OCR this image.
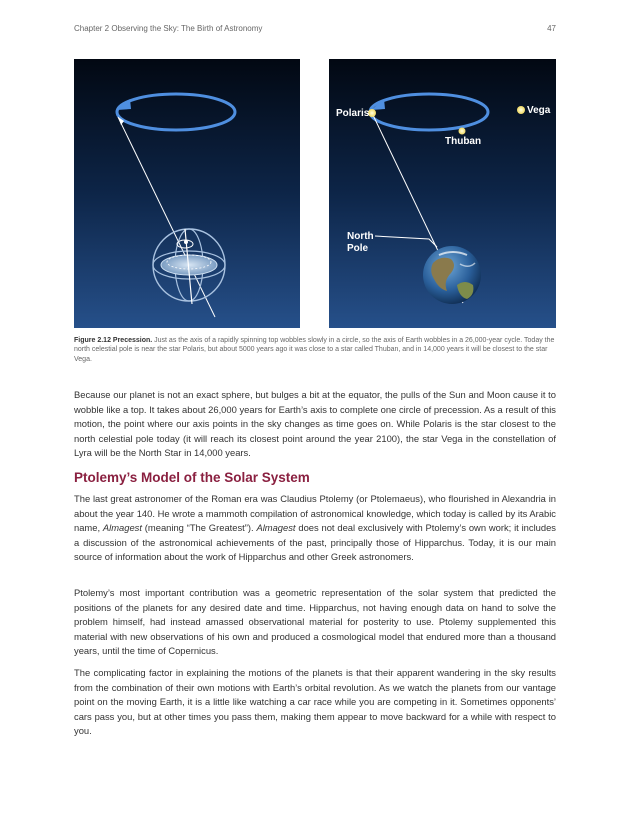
Chapter 2 Observing the Sky: The Birth of Astronomy	47
Polaris	Vega
Thuban
North
Pole
Figure 2.12 Precession. Just as the axis of a rapidly spinning top wobbles slowly in a circle, so the axis of Earth wobbles in a 26,000-year cycle. Today the north celestial pole is near the star Polaris, but about 5000 years ago it was close to a star called Thuban, and in 14,000 years it will be closest to the star Vega.

Because our planet is not an exact sphere, but bulges a bit at the equator, the pulls of the Sun and Moon cause it to wobble like a top. It takes about 26,000 years for Earth’s axis to complete one circle of precession. As a result of this motion, the point where our axis points in the sky changes as time goes on. While Polaris is the star closest to the north celestial pole today (it will reach its closest point around the year 2100), the star Vega in the constellation of Lyra will be the North Star in 14,000 years.

Ptolemy’s Model of the Solar System

The last great astronomer of the Roman era was Claudius Ptolemy (or Ptolemaeus), who flourished in Alexandria in about the year 140. He wrote a mammoth compilation of astronomical knowledge, which today is called by its Arabic name, Almagest (meaning “The Greatest”). Almagest does not deal exclusively with Ptolemy’s own work; it includes a discussion of the astronomical achievements of the past, principally those of Hipparchus. Today, it is our main source of information about the work of Hipparchus and other Greek astronomers.

Ptolemy’s most important contribution was a geometric representation of the solar system that predicted the positions of the planets for any desired date and time. Hipparchus, not having enough data on hand to solve the problem himself, had instead amassed observational material for posterity to use. Ptolemy supplemented this material with new observations of his own and produced a cosmological model that endured more than a thousand years, until the time of Copernicus.

The complicating factor in explaining the motions of the planets is that their apparent wandering in the sky results from the combination of their own motions with Earth’s orbital revolution. As we watch the planets from our vantage point on the moving Earth, it is a little like watching a car race while you are competing in it. Sometimes opponents’ cars pass you, but at other times you pass them, making them appear to move backward for a while with respect to you.
